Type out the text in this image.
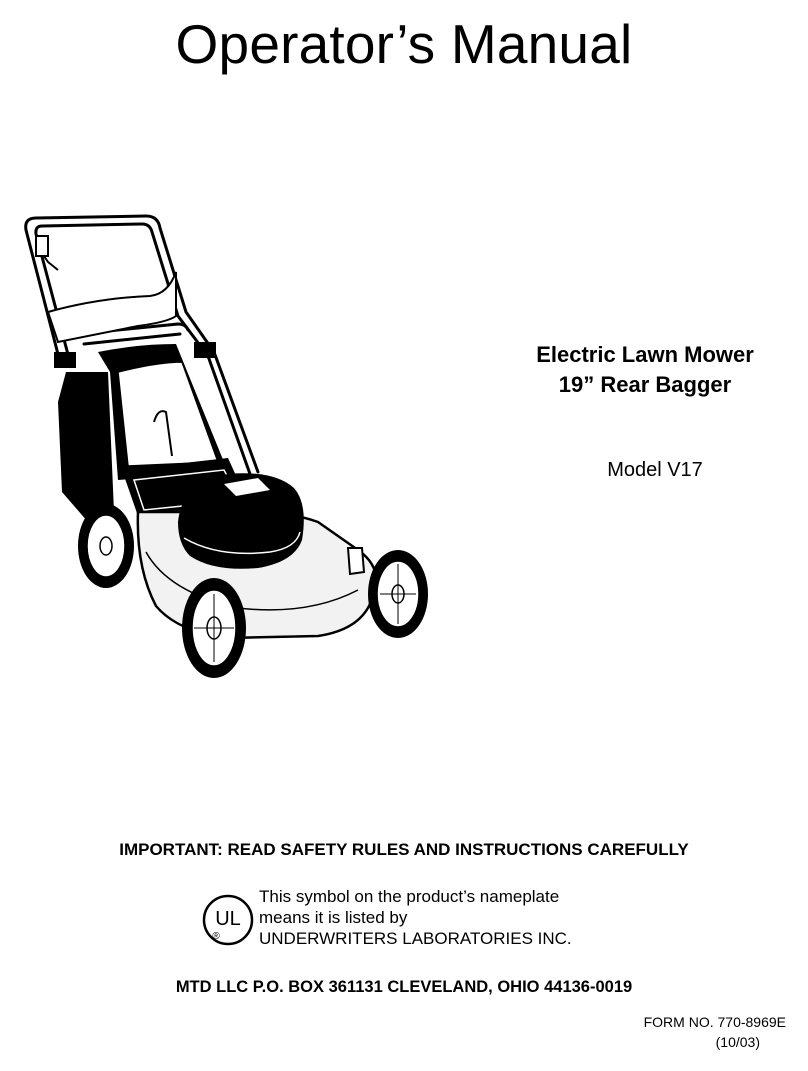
Operator’s Manual
Electric Lawn Mower
19” Rear Bagger
Model V17
IMPORTANT: READ SAFETY RULES AND INSTRUCTIONS CAREFULLY
UL
®
This symbol on the product’s nameplate
means it is listed by
UNDERWRITERS LABORATORIES INC.
MTD LLC P.O. BOX 361131 CLEVELAND, OHIO 44136-0019
FORM NO. 770-8969E
(10/03)
